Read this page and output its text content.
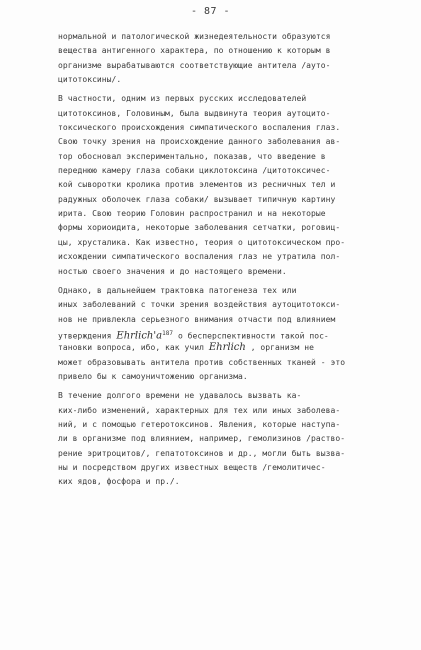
- 87 -
нормальной и патологической жизнедеятельности образуются
вещества антигенного характера, по отношению к которым в
организме вырабатываются соответствующие антитела /ауто-
цитотоксины/.
В частности, одним из первых русских исследователей
цитотоксинов, Головиным, была выдвинута теория аутоцито-
токсического происхождения симпатического воспаления глаз.
Свою точку зрения на происхождение данного заболевания ав-
тор обосновал экспериментально, показав, что введение в
переднюю камеру глаза собаки циклотоксина /цитотоксичес-
кой сыворотки кролика против элементов из ресничных тел и
радужных оболочек глаза собаки/ вызывает типичную картину
ирита. Свою теорию Головин распространил и на некоторые
формы хориоидита, некоторые заболевания сетчатки, роговиц-
цы, хрусталика. Как известно, теория о цитотоксическом про-
исхождении симпатического воспаления глаз не утратила пол-
ностью своего значения и до настоящего времени.
Однако, в дальнейшем трактовка патогенеза тех или
иных заболеваний с точки зрения воздействия аутоцитотокси-
нов не привлекла серьезного внимания отчасти под влиянием
утверждения $Ehrlich'a^{187}$ о бесперспективности такой пос-
тановки вопроса, ибо, как учил Ehrlich , организм не
может образовывать антитела против собственных тканей - это
привело бы к самоуничтожению организма.
В течение долгого времени не удавалось вызвать ка-
ких-либо изменений, характерных для тех или иных заболева-
ний, и с помощью гетеротоксинов. Явления, которые наступа-
ли в организме под влиянием, например, гемолизинов /раство-
рение эритроцитов/, гепатотоксинов и др., могли быть вызва-
ны и посредством других известных веществ /гемолитичес-
ких ядов, фосфора и пр./.
